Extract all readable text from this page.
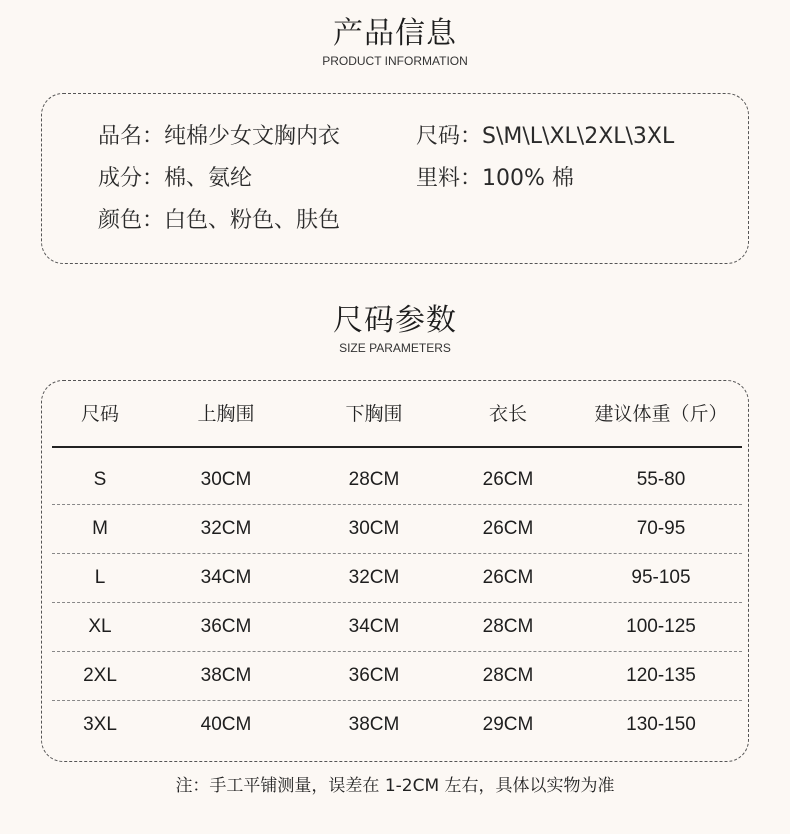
产品信息
PRODUCT INFORMATION
品名：纯棉少女文胸内衣	尺码：S\M\L\XL\2XL\3XL
成分：棉、氨纶	里料：100% 棉
颜色：白色、粉色、肤色
尺码参数
SIZE PARAMETERS
尺码	上胸围	下胸围	衣长	建议体重（斤）
S	30CM	28CM	26CM	55-80
M	32CM	30CM	26CM	70-95
L	34CM	32CM	26CM	95-105
XL	36CM	34CM	28CM	100-125
2XL	38CM	36CM	28CM	120-135
3XL	40CM	38CM	29CM	130-150
注：手工平铺测量，误差在 1-2CM 左右，具体以实物为准
